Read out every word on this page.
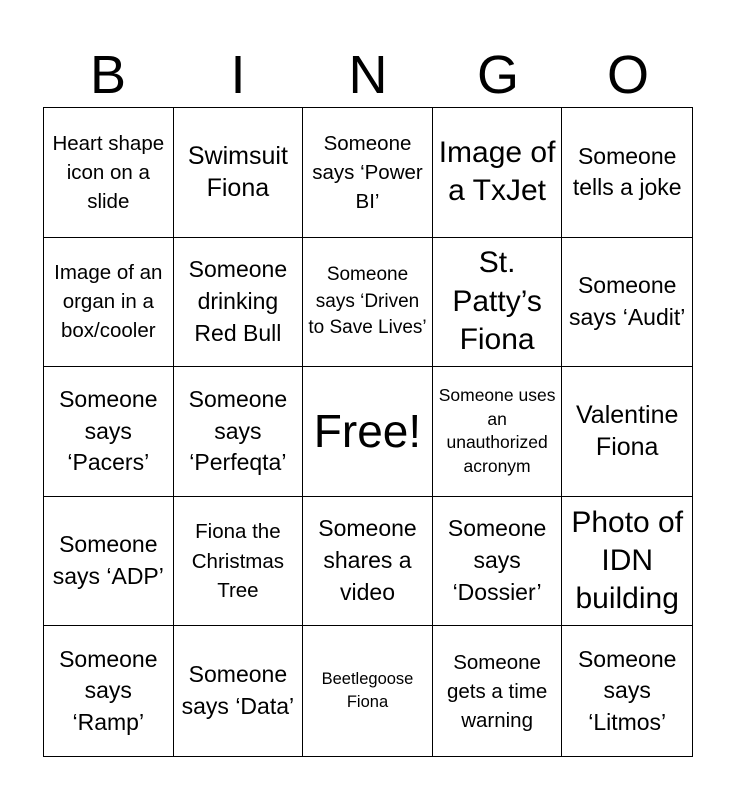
B	I	N	G	O
Heart shape icon on a slide
Swimsuit Fiona
Someone says ‘Power BI’
Image of a TxJet
Someone tells a joke
Image of an organ in a box/cooler
Someone drinking Red Bull
Someone says ‘Driven to Save Lives’
St. Patty’s Fiona
Someone says ‘Audit’
Someone says ‘Pacers’
Someone says ‘Perfeqta’
Free!
Someone uses an unauthorized acronym
Valentine Fiona
Someone says ‘ADP’
Fiona the Christmas Tree
Someone shares a video
Someone says ‘Dossier’
Photo of IDN building
Someone says ‘Ramp’
Someone says ‘Data’
Beetlegoose Fiona
Someone gets a time warning
Someone says ‘Litmos’
